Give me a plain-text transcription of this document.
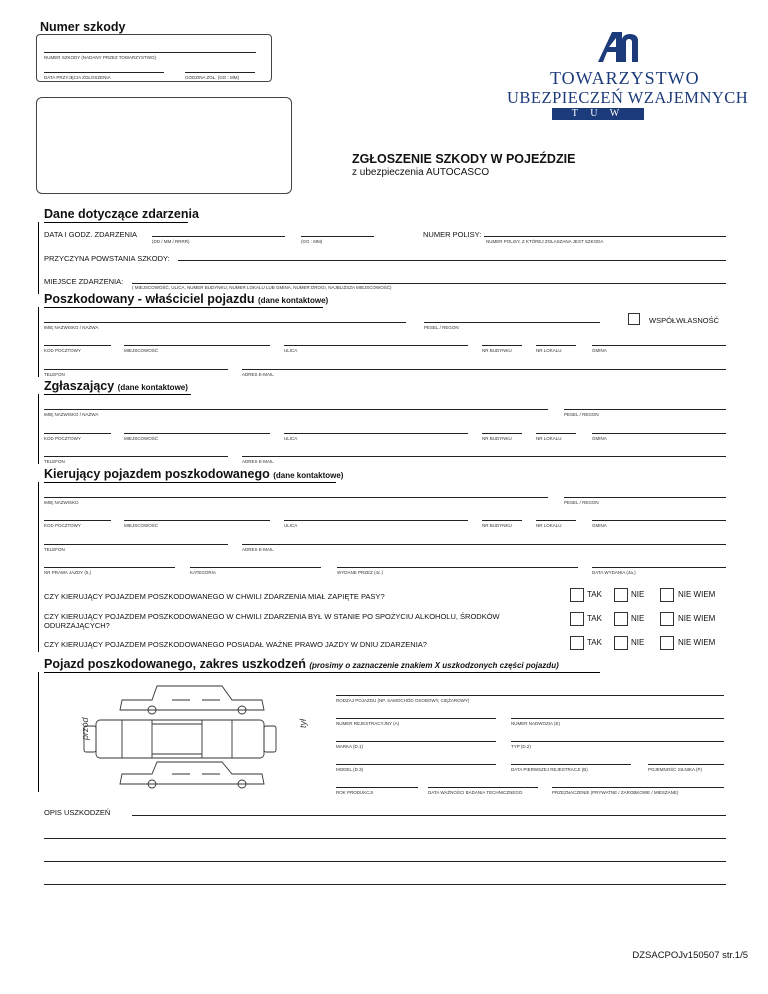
Numer szkody
NUMER SZKODY (NADANY PRZEZ TOWARZYSTWO)
DATA PRZYJĘCIA ZGŁOSZENIA	GODZINA ZGŁ. (GG : MM)	TOWARZYSTWO
UBEZPIECZEŃ WZAJEMNYCH
T U W
ZGŁOSZENIE SZKODY W POJEŹDZIE
z ubezpieczenia AUTOCASCO
Dane dotyczące zdarzenia
DATA I GODZ. ZDARZENIA
(DD / MM / RRRR)	(GG : MM)
NUMER POLISY:
NUMER POLISY, Z KTÓREJ ZGŁASZANA JEST SZKODA
PRZYCZYNA POWSTANIA SZKODY:
MIEJSCE ZDARZENIA:
( MIEJSCOWOŚĆ, ULICA, NUMER BUDYNKU, NUMER LOKALU LUB GMINA, NUMER DROGI, NAJBLIŻSZA MIEJSCOWOŚĆ)
Poszkodowany - właściciel pojazdu (dane kontaktowe)
WSPÓŁWŁASNOŚĆ
IMIĘ NAZWISKO / NAZWA	PESEL / REGON
KOD POCZTOWY	MIEJSCOWOŚĆ	ULICA	NR BUDYNKU	NR LOKALU	GMINA
TELEFON	ADRES E-MAIL
Zgłaszający (dane kontaktowe)
IMIĘ NAZWISKO / NAZWA	PESEL / REGON
KOD POCZTOWY	MIEJSCOWOŚĆ	ULICA	NR BUDYNKU	NR LOKALU	GMINA
TELEFON	ADRES E-MAIL
Kierujący pojazdem poszkodowanego (dane kontaktowe)
IMIĘ NAZWISKO	PESEL / REGON
KOD POCZTOWY	MIEJSCOWOŚĆ	ULICA	NR BUDYNKU	NR LOKALU	GMINA
TELEFON	ADRES E-MAIL
NR PRAWA JAZDY (5.)	KATEGORIA	WYDANE PRZEZ (4c.)	DATA WYDANIA (4a.)
CZY KIERUJĄCY POJAZDEM POSZKODOWANEGO W CHWILI ZDARZENIA MIAŁ ZAPIĘTE PASY?	TAK	NIE	NIE WIEM
CZY KIERUJĄCY POJAZDEM POSZKODOWANEGO W CHWILI ZDARZENIA BYŁ W STANIE PO SPOŻYCIU ALKOHOLU, ŚRODKÓW ODURZAJĄCYCH?
TAK	NIE	NIE WIEM
CZY KIERUJĄCY POJAZDEM POSZKODOWANEGO POSIADAŁ WAŻNE PRAWO JAZDY W DNIU ZDARZENIA?	TAK	NIE	NIE WIEM
Pojazd poszkodowanego, zakres uszkodzeń (prosimy o zaznaczenie znakiem X uszkodzonych części pojazdu)
przód	tył
RODZAJ POJAZDU (NP. SAMOCHÓD OSOBOWY, CIĘŻAROWY)
NUMER REJESTRACYJNY (A)	NUMER NADWOZIA (E)
MARKA (D.1)	TYP (D.2)
MODEL (D.3)	DATA PIERWSZEJ REJESTRACJI (B)	POJEMNOŚĆ SILNIKA (P)
ROK PRODUKCJI	DATA WAŻNOŚCI BADANIA TECHNICZNEGO	PRZEZNACZENIE (PRYWATNE / ZAROBKOWE / MIESZANE)
OPIS USZKODZEŃ
DZSACPOJv150507 str.1/5
